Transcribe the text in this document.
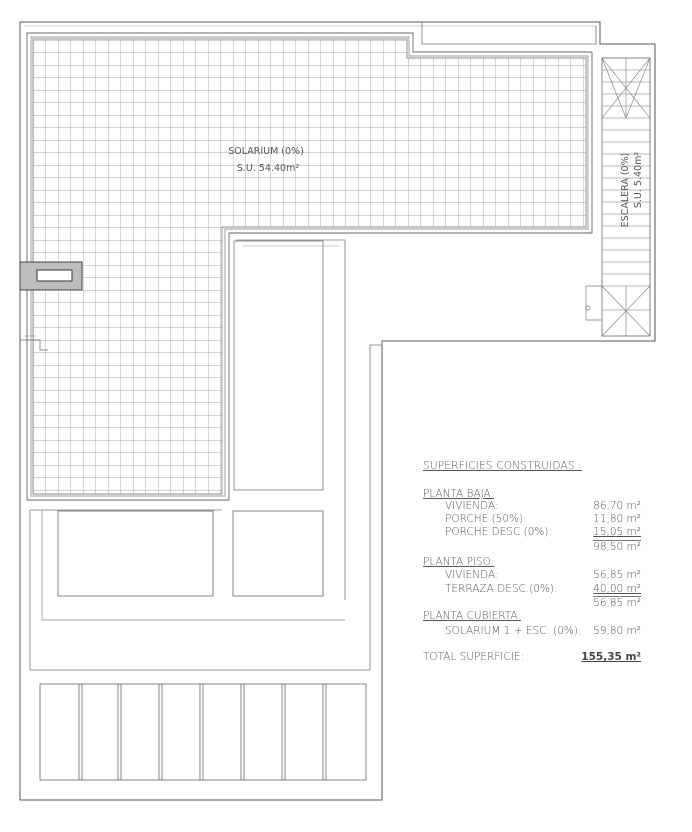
SOLARIUM (0%)
S.U. 54.40m²	ESCALERA (0%) S.U. 5.40m²
SUPERFICIES CONSTRUIDAS :
PLANTA BAJA:
VIVIENDA:	86,70 m²
PORCHE (50%):	11,80 m²
PORCHE DESC.(0%):	15,05 m²
98,50 m²
PLANTA PISO:
VIVIENDA:	56,85 m²
TERRAZA DESC.(0%):	40,00 m²
56,85 m²
PLANTA CUBIERTA:
SOLARIUM 1 + ESC. (0%): 59,80 m²
TOTAL SUPERFICIE:	155,35 m²
